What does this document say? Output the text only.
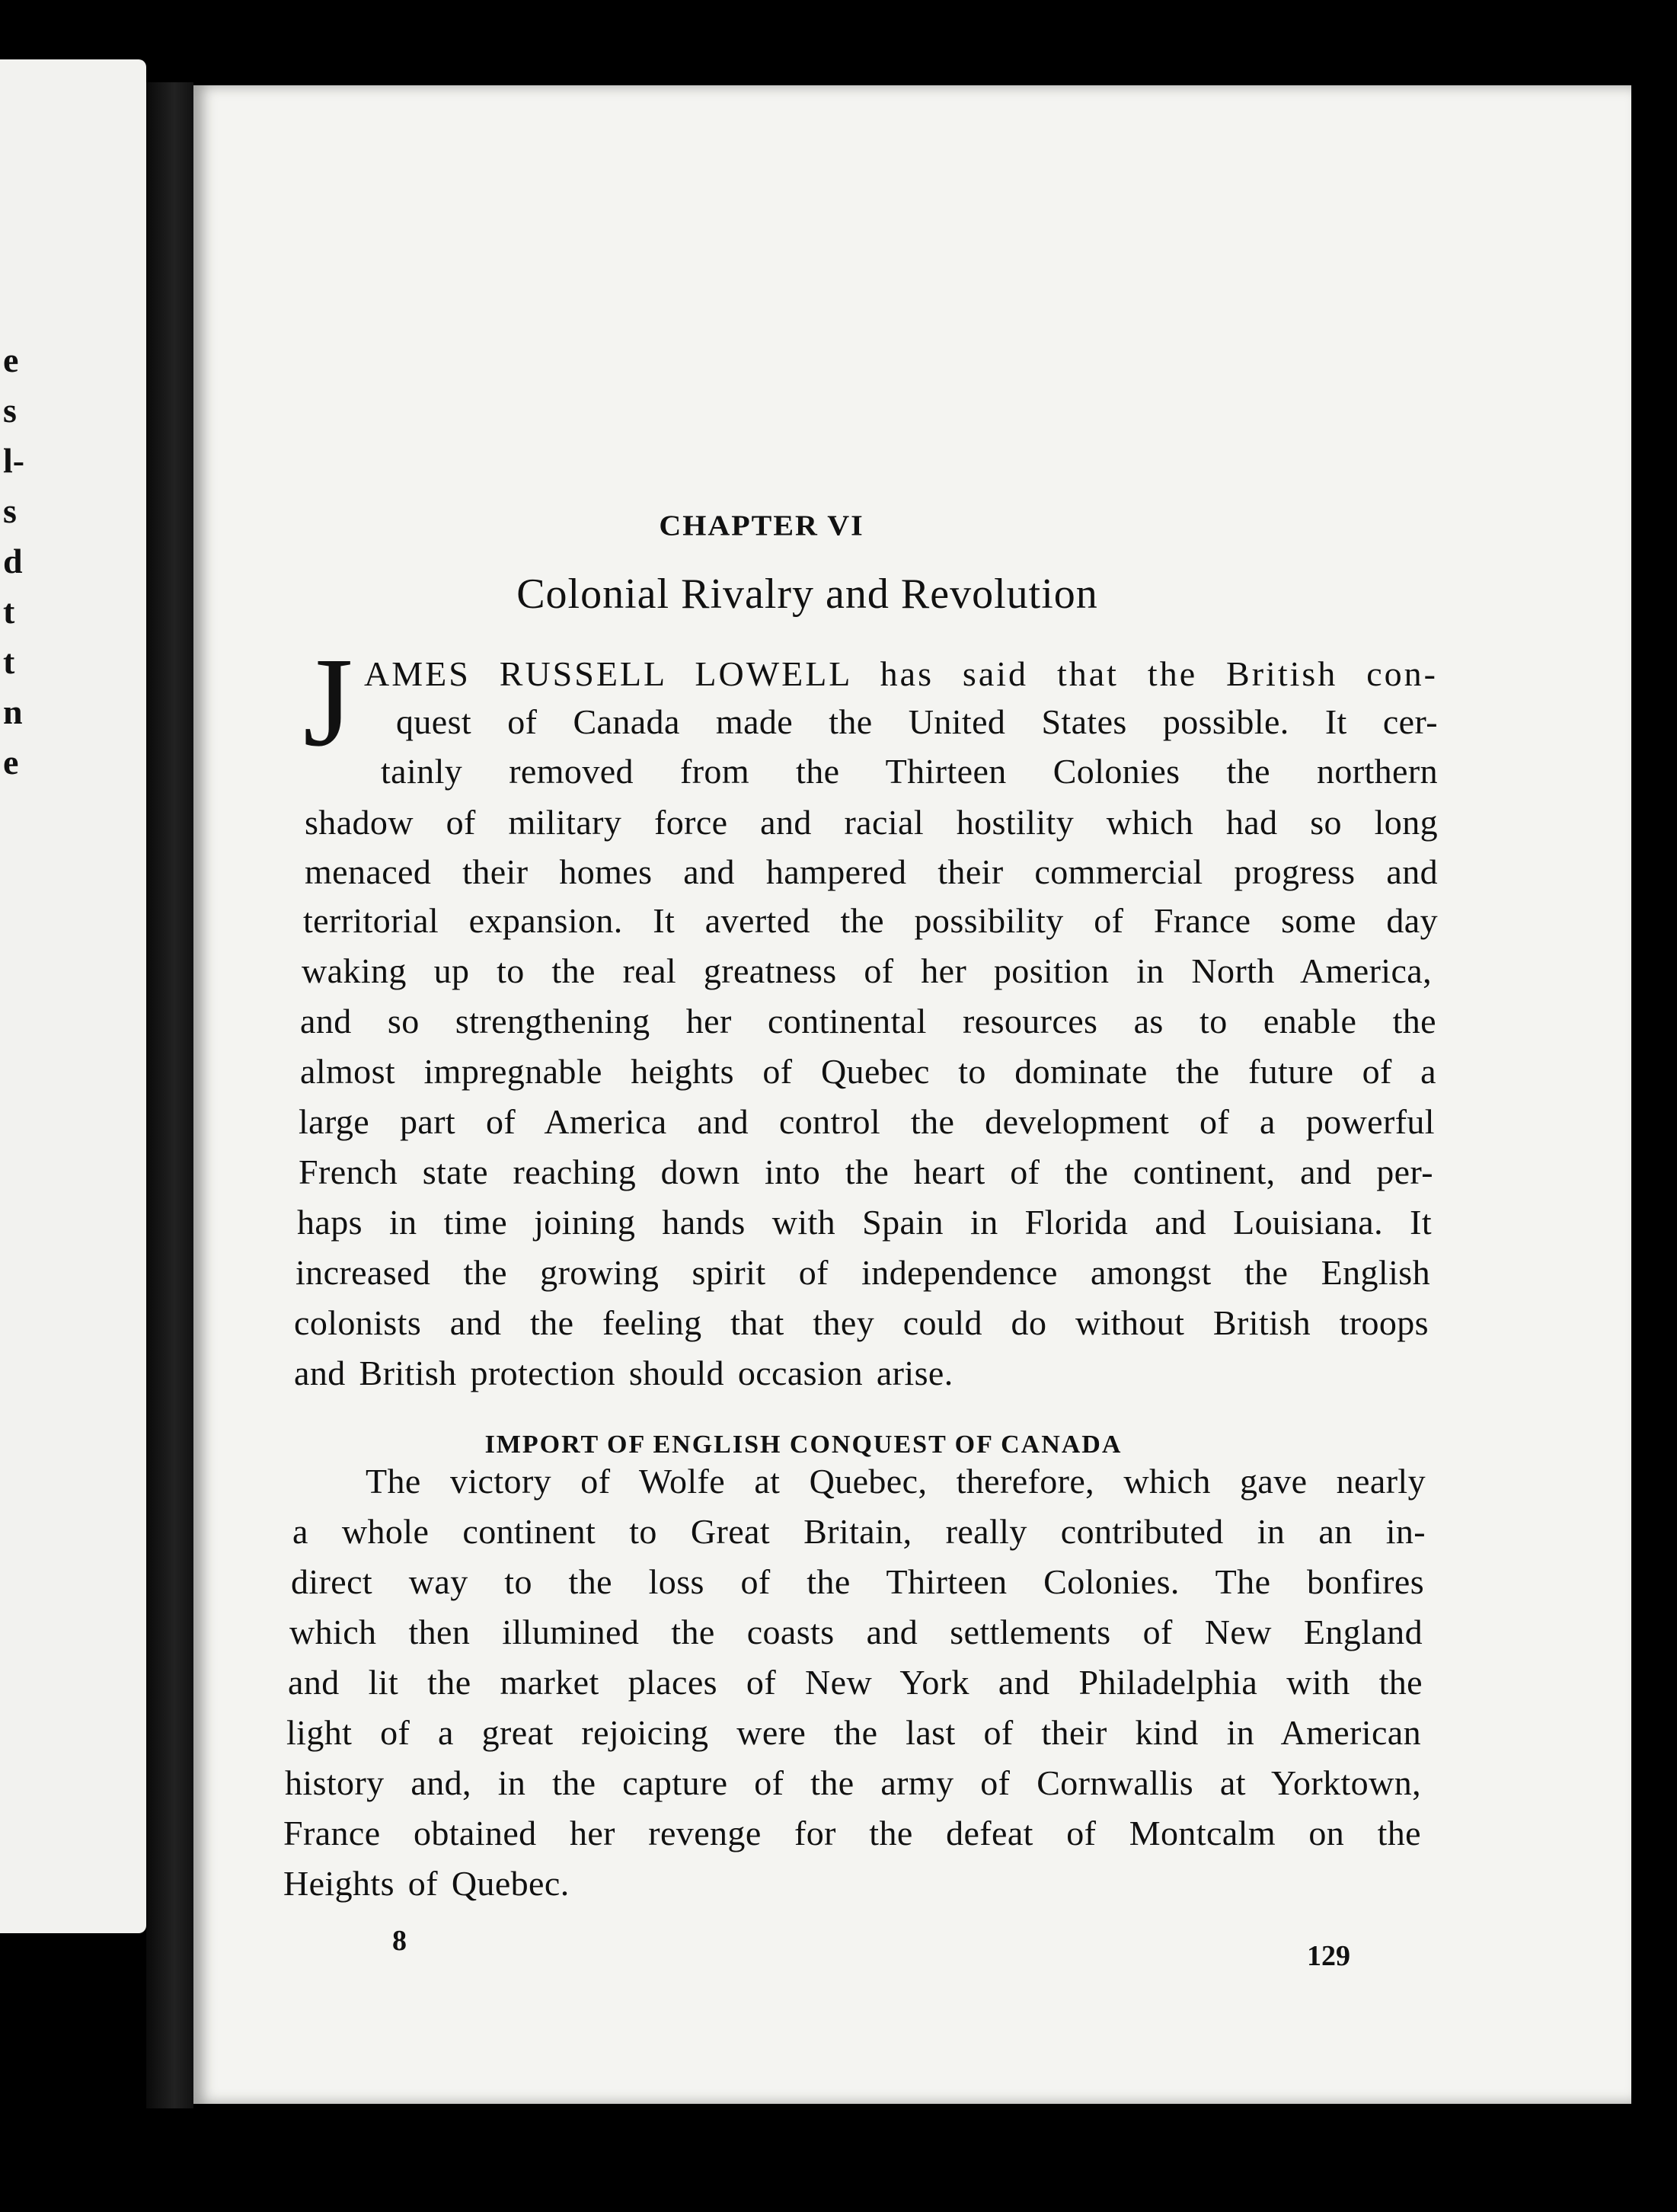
e
s
l-
s
d
t
t
n
e
CHAPTER VI
Colonial Rivalry and Revolution
J AMES RUSSELL LOWELL has said that the British con-
quest of Canada made the United States possible. It cer-
tainly removed from the Thirteen Colonies the northern
shadow of military force and racial hostility which had so long
menaced their homes and hampered their commercial progress and
territorial expansion. It averted the possibility of France some day
waking up to the real greatness of her position in North America,
and so strengthening her continental resources as to enable the
almost impregnable heights of Quebec to dominate the future of a
large part of America and control the development of a powerful
French state reaching down into the heart of the continent, and per-
haps in time joining hands with Spain in Florida and Louisiana. It
increased the growing spirit of independence amongst the English
colonists and the feeling that they could do without British troops
and British protection should occasion arise.
The victory of Wolfe at Quebec, therefore, which gave nearly
a whole continent to Great Britain, really contributed in an in-
direct way to the loss of the Thirteen Colonies. The bonfires
which then illumined the coasts and settlements of New England
and lit the market places of New York and Philadelphia with the
light of a great rejoicing were the last of their kind in American
history and, in the capture of the army of Cornwallis at Yorktown,
France obtained her revenge for the defeat of Montcalm on the
Heights of Quebec.
IMPORT OF ENGLISH CONQUEST OF CANADA
8	129
